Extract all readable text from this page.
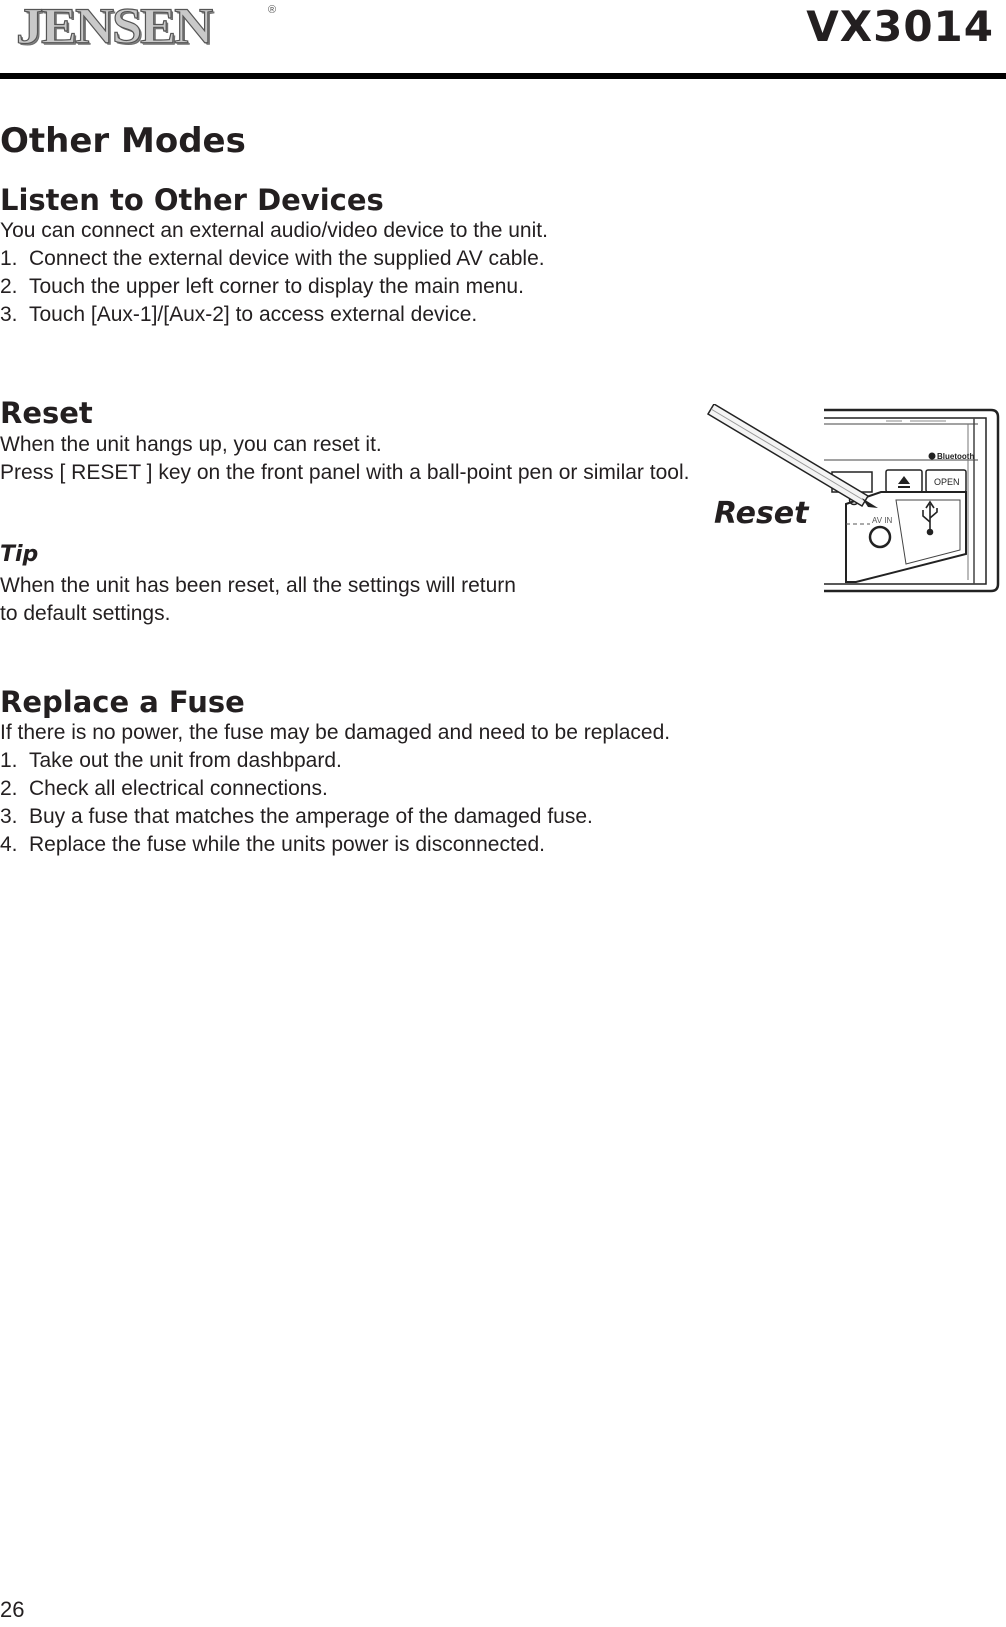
JENSEN	®	VX3014
Other Modes
Listen to Other Devices
You can connect an external audio/video device to the unit.
1. Connect the external device with the supplied AV cable.
2. Touch the upper left corner to display the main menu.
3. Touch [Aux-1]/[Aux-2] to access external device.
Reset
When the unit hangs up, you can reset it.
Press [ RESET ] key on the front panel with a ball-point pen or similar tool.
Tip
When the unit has been reset, all the settings will return
to default settings.
OPEN
Bluetooth
AV IN
Reset
Replace a Fuse
If there is no power, the fuse may be damaged and need to be replaced.
1. Take out the unit from dashbpard.
2. Check all electrical connections.
3. Buy a fuse that matches the amperage of the damaged fuse.
4. Replace the fuse while the units power is disconnected.
26
